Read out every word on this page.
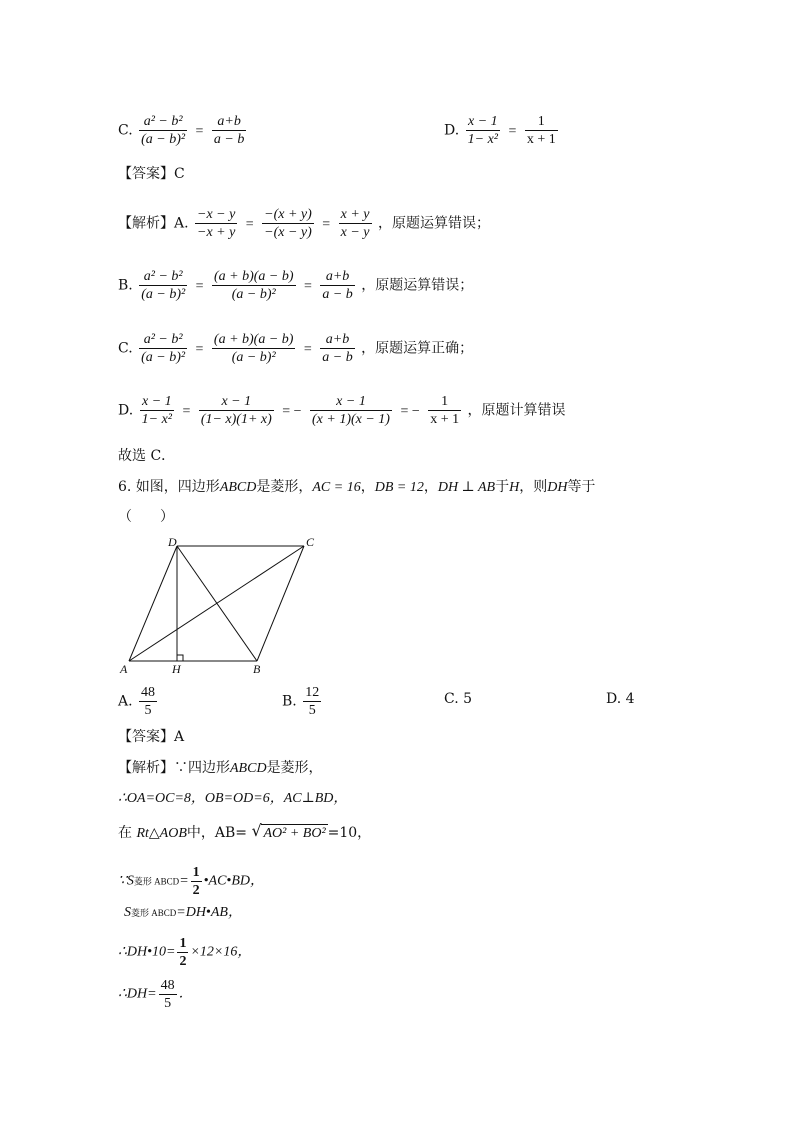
C. $\frac{\text{a² − b²}}{\text{(a − b)²}} = \frac{a+b}{a - b}$	D. $\frac{x - 1}{\text{1− x²}} = \frac{1}{x + 1}$
【答案】C
【解析】A. $\frac{-x - y}{-x + y} = \frac{-(x + y)}{-(x - y)} = \frac{x + y}{x - y}$ ，原题运算错误；
B. $\frac{\text{a² − b²}}{\text{(a − b)²}} = \frac{(a + b)(a - b)}{\text{(a − b)²}} = \frac{a+b}{a - b}$ ，原题运算错误；
C. $\frac{\text{a² − b²}}{\text{(a − b)²}} = \frac{(a + b)(a - b)}{\text{(a − b)²}} = \frac{a+b}{a - b}$ ，原题运算正确；
D. $\frac{x - 1}{\text{1− x²}} = \frac{x - 1}{(1- x)(1+ x)}$ = − $\frac{x - 1}{(x + 1)(x - 1)}$ = − $\frac{1}{x + 1}$ ，原题计算错误
故选 C．
6. 如图，四边形ABCD是菱形，AC = 16，DB = 12，DH ⊥ AB于H，则DH等于
（　　）
D	C
A	H	B
A. $\frac{48}{5}$	B. $\frac{12}{5}$	C. 5	D. 4
【答案】A
【解析】∵四边形ABCD是菱形，
∴OA=OC=8，OB=OD=6，AC⊥BD，
在 Rt△AOB中，AB= √ AO² + BO² =10，
∵S菱形 ABCD= $\frac{1}{2}$ •AC•BD，
S菱形 ABCD=DH•AB，
∴DH•10= $\frac{1}{2} \times 12\times 16$，
∴DH= $\frac{48}{5}$ ．
